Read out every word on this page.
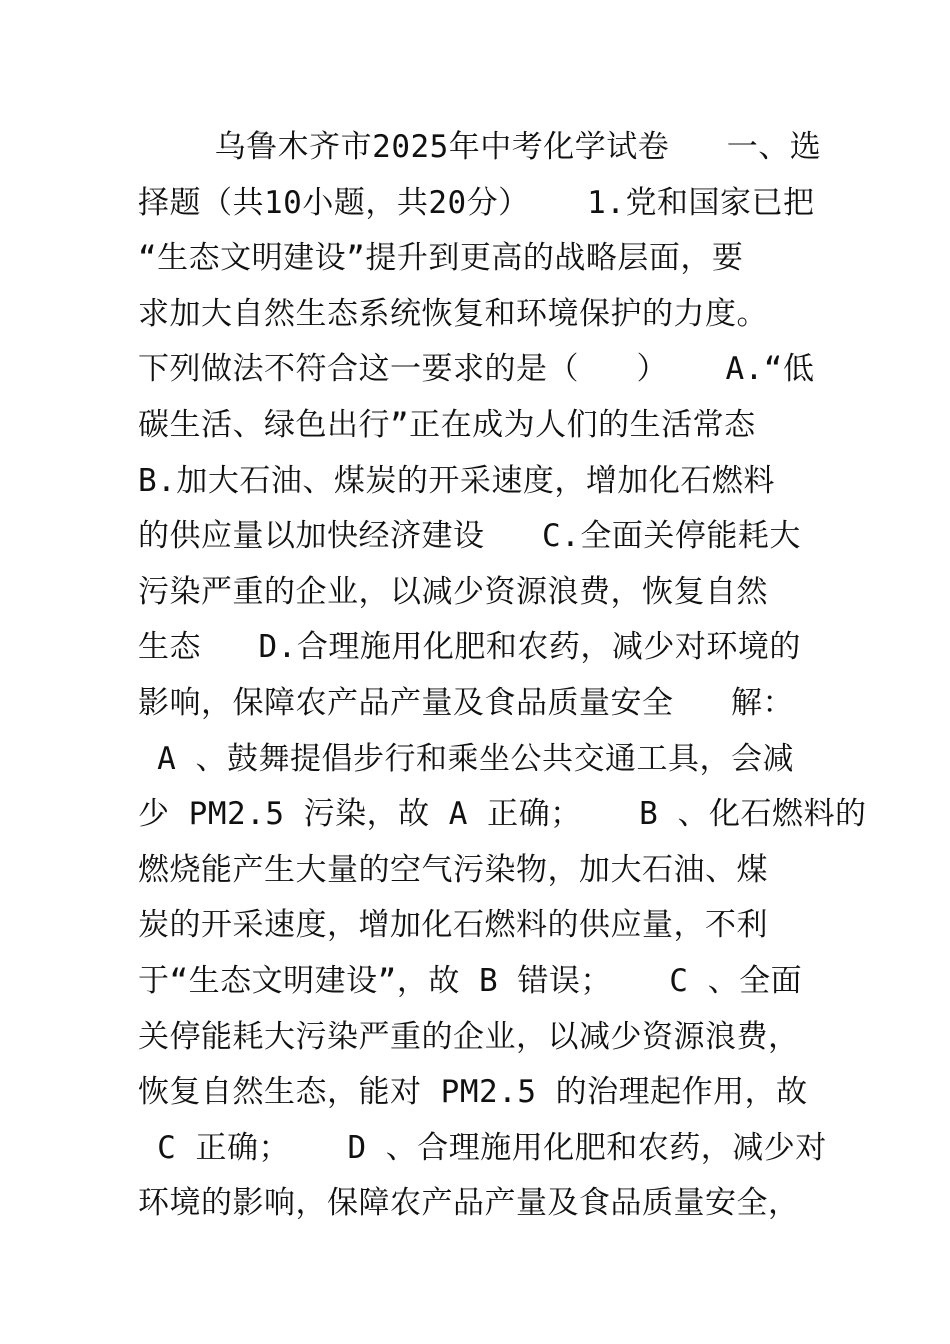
乌鲁木齐市2025年中考化学试卷   一、选
择题（共10小题，共20分）   1.党和国家已把
“生态文明建设”提升到更高的战略层面，要
求加大自然生态系统恢复和环境保护的力度。
下列做法不符合这一要求的是（   ）   A.“低
碳生活、绿色出行”正在成为人们的生活常态
B.加大石油、煤炭的开采速度，增加化石燃料
的供应量以加快经济建设   C.全面关停能耗大
污染严重的企业，以减少资源浪费，恢复自然
生态   D.合理施用化肥和农药，减少对环境的
影响，保障农产品产量及食品质量安全   解：
A 、鼓舞提倡步行和乘坐公共交通工具，会减
少 PM2.5 污染，故 A 正确；   B 、化石燃料的
燃烧能产生大量的空气污染物，加大石油、煤
炭的开采速度，增加化石燃料的供应量，不利
于“生态文明建设”，故 B 错误；   C 、全面
关停能耗大污染严重的企业，以减少资源浪费，
恢复自然生态，能对 PM2.5 的治理起作用，故
C 正确；   D 、合理施用化肥和农药，减少对
环境的影响，保障农产品产量及食品质量安全，
